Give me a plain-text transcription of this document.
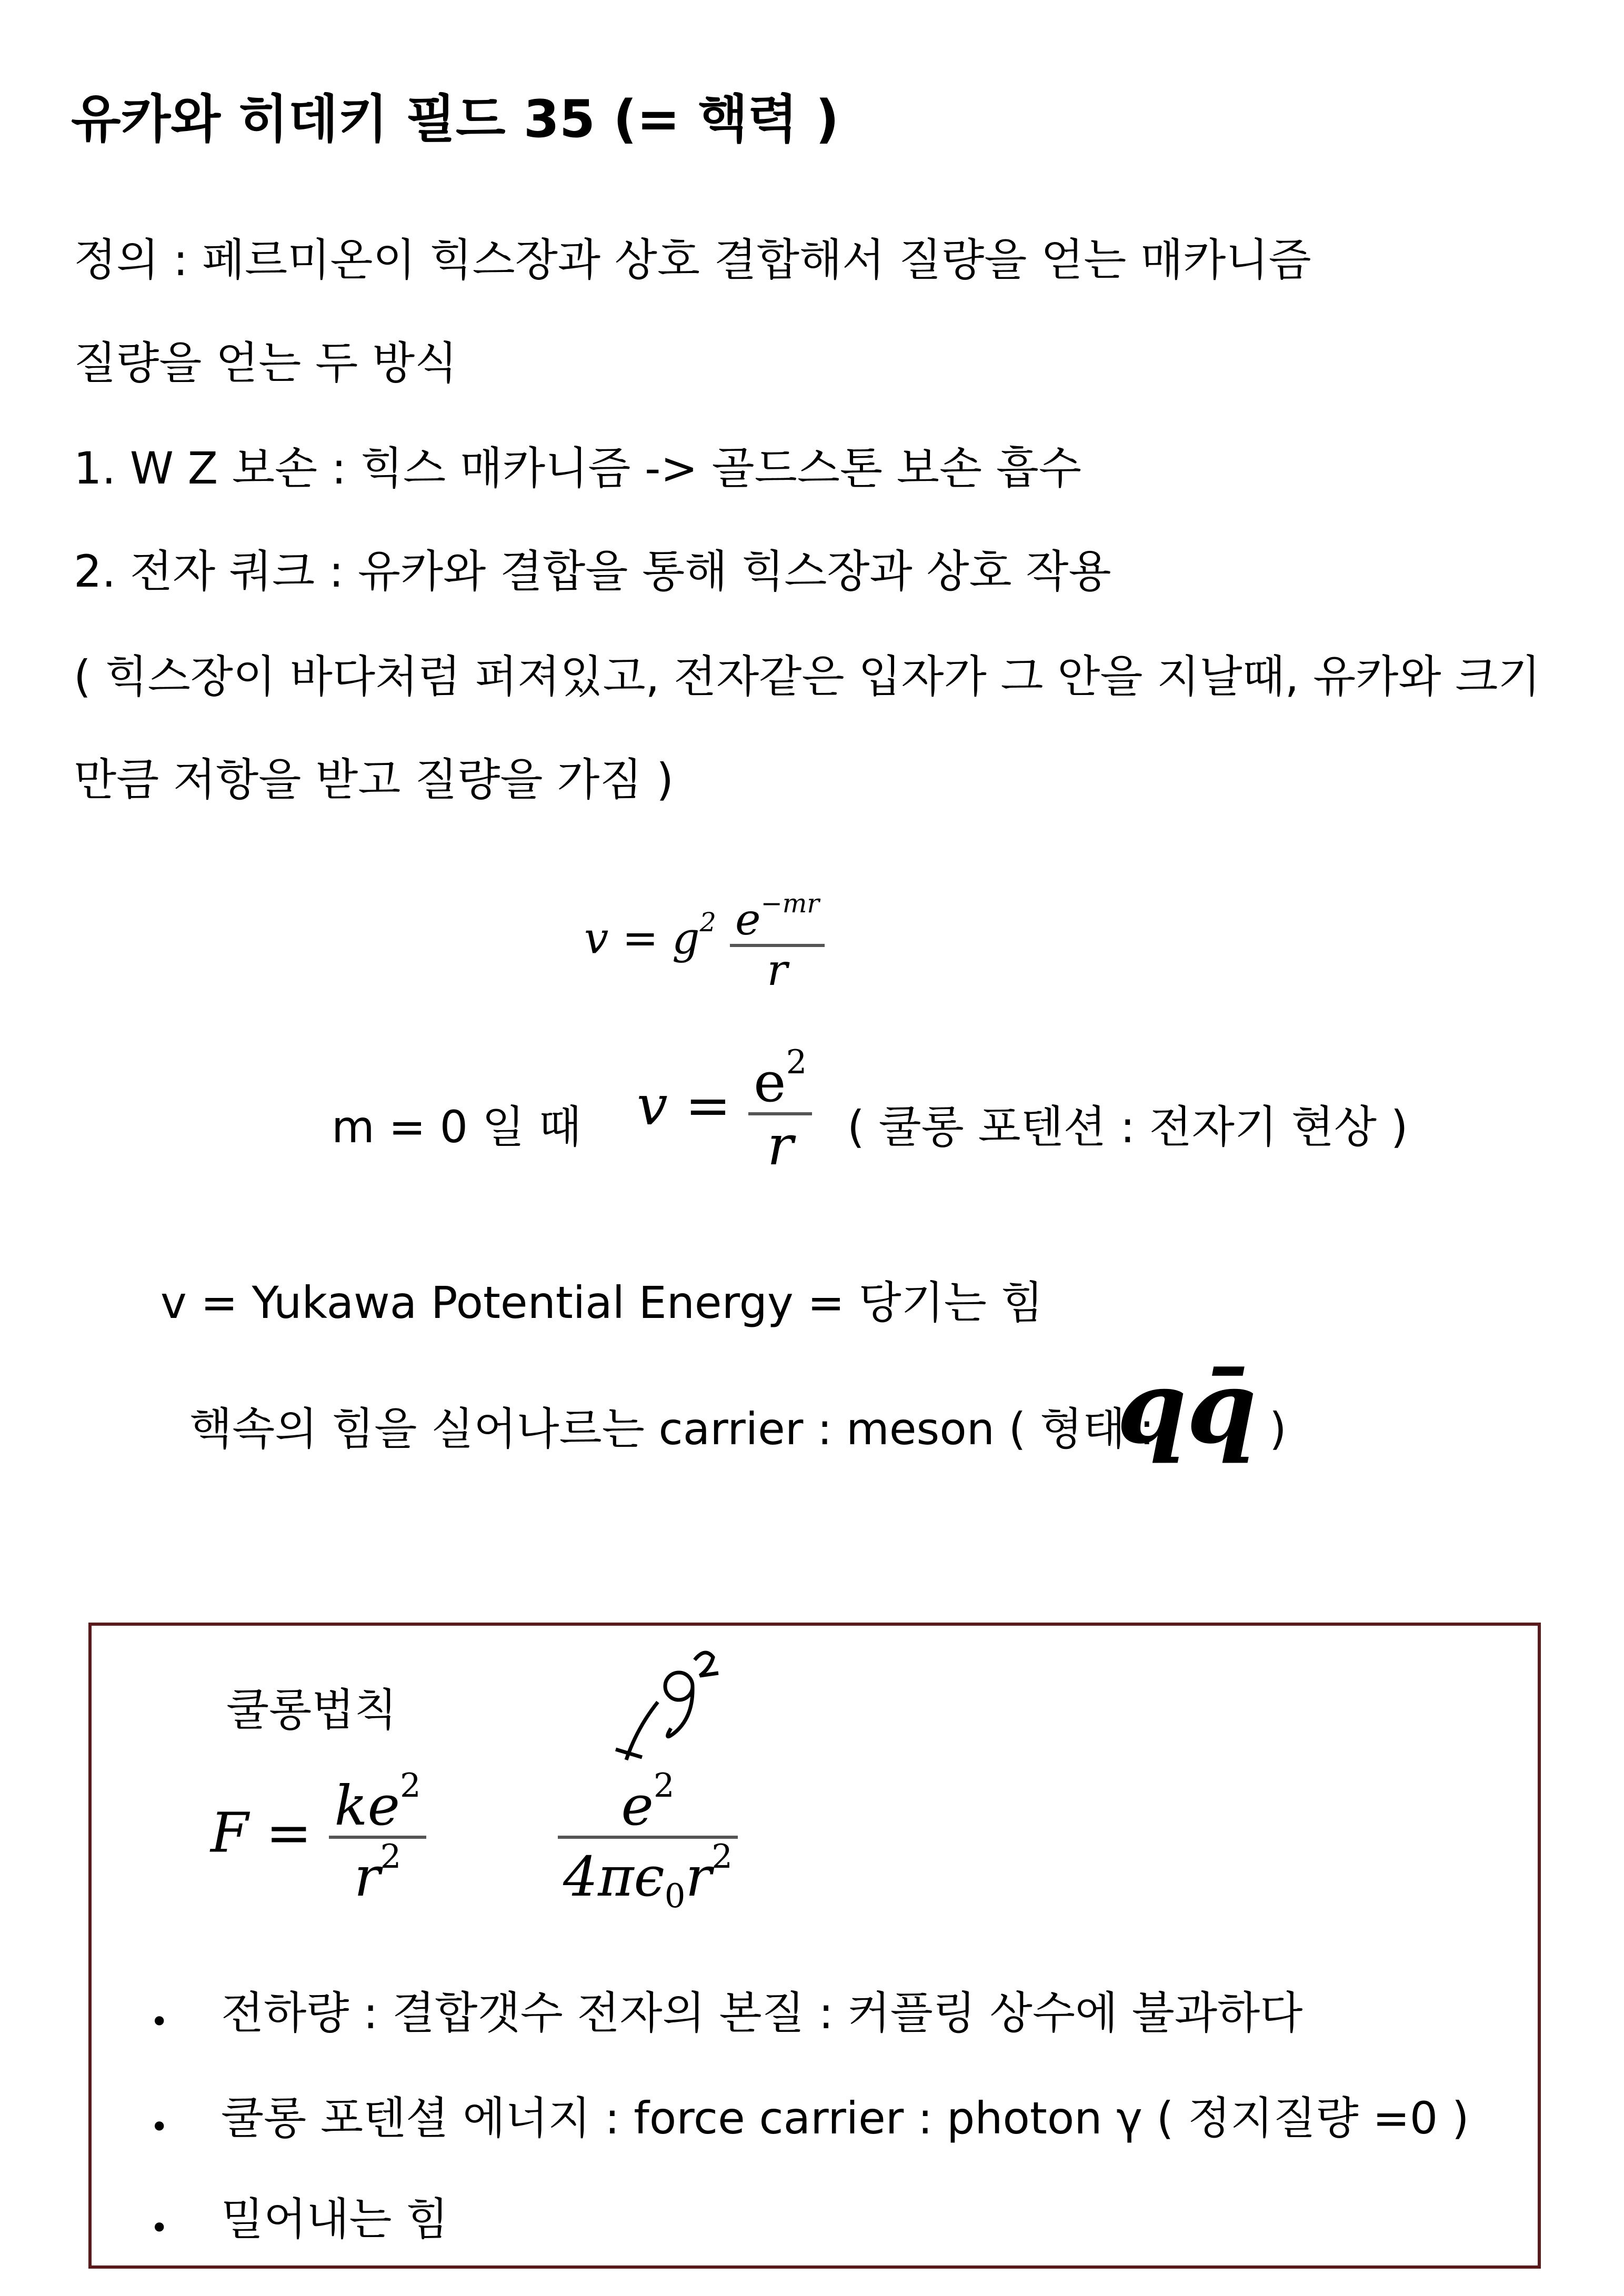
유카와 히데키 필드 35 (= 핵력 )
정의 : 페르미온이 힉스장과 상호 결합해서 질량을 얻는 매카니즘
질량을 얻는 두 방식
1. W Z 보손 : 힉스 매카니즘 -> 골드스톤 보손 흡수
2. 전자 쿼크 : 유카와 결합을 통해 힉스장과 상호 작용
( 힉스장이 바다처럼 퍼져있고, 전자같은 입자가 그 안을 지날때, 유카와 크기
만큼 저항을 받고 질량을 가짐 )
$v = g^2$ $e^{-mr}$
r
m = 0 일 때 $v = e^2$
r ( 쿨롱 포텐션 : 전자기 현상 )
v = Yukawa Potential Energy = 당기는 힘
핵속의 힘을 실어나르는 carrier : meson ( 형태 :
qq̄ )
쿨롱법칙
$F = ke^2$
$r^2$
$e^2$
$4\pi\epsilon_0r^2$
• 전하량 : 결합갯수 전자의 본질 : 커플링 상수에 불과하다
• 쿨롱 포텐셜 에너지 : force carrier : photon γ ( 정지질량 =0 )
• 밀어내는 힘
